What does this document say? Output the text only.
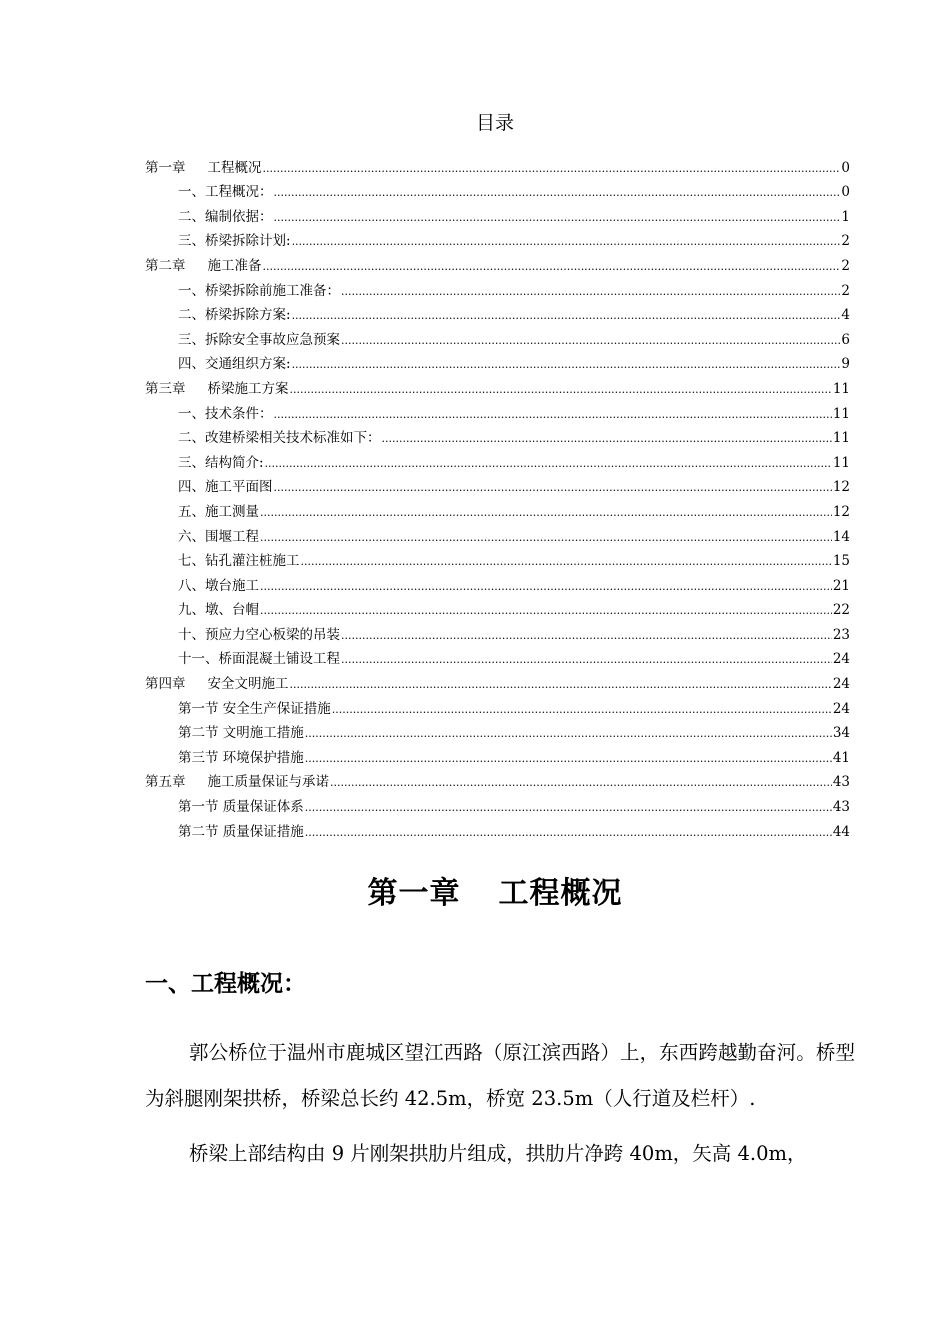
目录
第一章 工程概况 .....	0
一、工程概况： .....	0
二、编制依据： .....	1
三、桥梁拆除计划: .....	2
第二章 施工准备 .....	2
一、桥梁拆除前施工准备： .....	2
二、桥梁拆除方案: .....	4
三、拆除安全事故应急预案 .....	6
四、交通组织方案: .....	9
第三章 桥梁施工方案 .....	11
一、技术条件： .....	11
二、改建桥梁相关技术标准如下： .....	11
三、结构简介: .....	11
四、施工平面图 .....	12
五、施工测量 .....	12
六、围堰工程 .....	14
七、钻孔灌注桩施工 .....	15
八、墩台施工 .....	21
九、墩、台帽 .....	22
十、预应力空心板梁的吊装 .....	23
十一、桥面混凝土铺设工程 .....	24
第四章 安全文明施工 .....	24
第一节 安全生产保证措施 .....	24
第二节 文明施工措施 .....	34
第三节 环境保护措施 .....	41
第五章 施工质量保证与承诺 .....	43
第一节 质量保证体系 .....	43
第二节 质量保证措施 .....	44
第一章 工程概况
一、工程概况：
郭公桥位于温州市鹿城区望江西路（原江滨西路）上，东西跨越勤奋河。桥型为斜腿刚架拱桥，桥梁总长约 42.5m，桥宽 23.5m（人行道及栏杆）.
桥梁上部结构由 9 片刚架拱肋片组成，拱肋片净跨 40m，矢高 4.0m，
